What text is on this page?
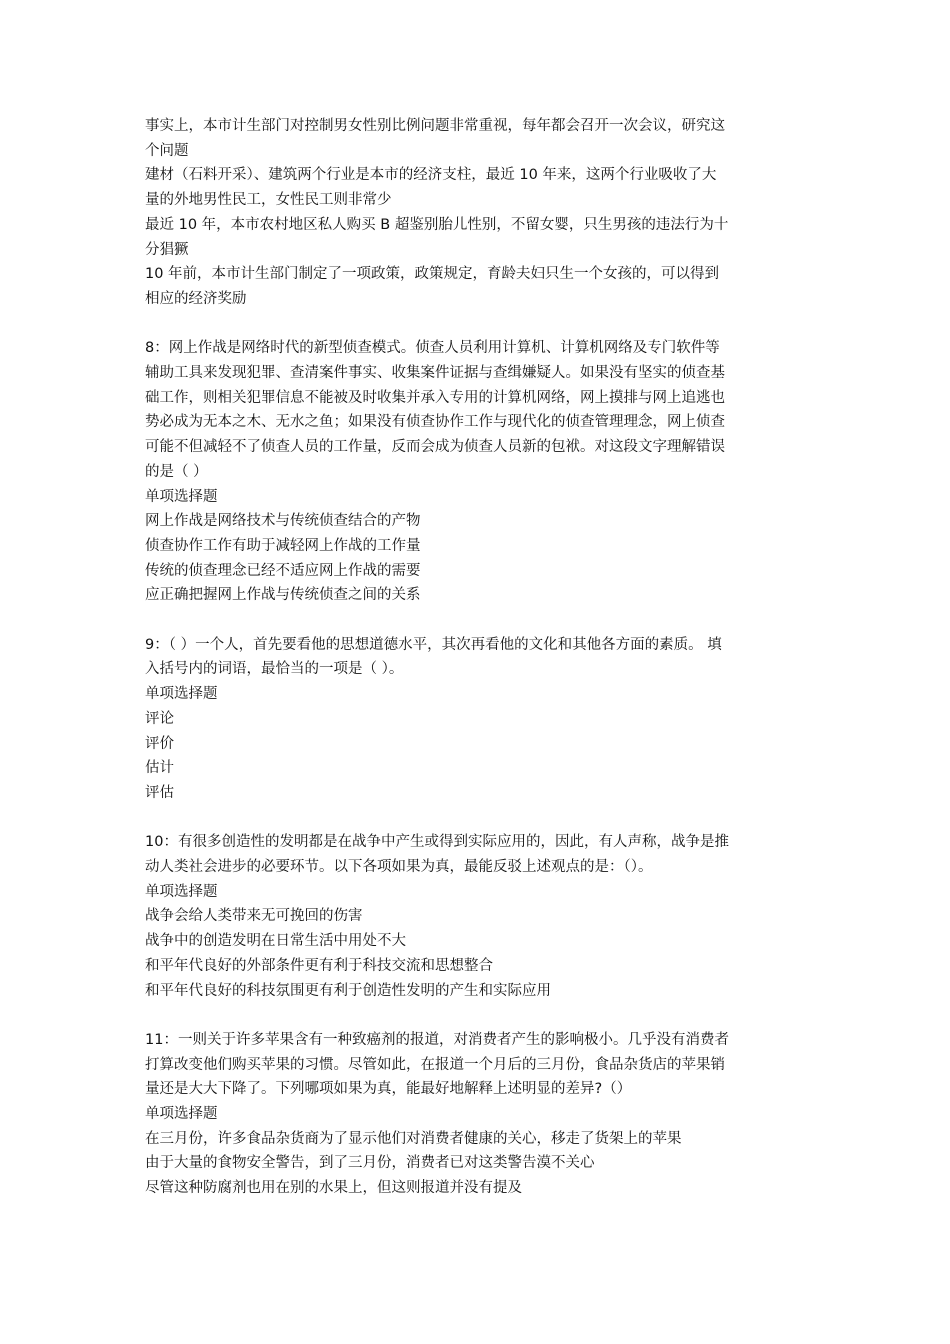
事实上，本市计生部门对控制男女性别比例问题非常重视，每年都会召开一次会议，研究这
个问题
建材（石料开采）、建筑两个行业是本市的经济支柱，最近 10 年来，这两个行业吸收了大
量的外地男性民工，女性民工则非常少
最近 10 年，本市农村地区私人购买 B 超鉴别胎儿性别，不留女婴，只生男孩的违法行为十
分猖獗
10 年前，本市计生部门制定了一项政策，政策规定，育龄夫妇只生一个女孩的，可以得到
相应的经济奖励
8：网上作战是网络时代的新型侦查模式。侦查人员利用计算机、计算机网络及专门软件等
辅助工具来发现犯罪、查清案件事实、收集案件证据与查缉嫌疑人。如果没有坚实的侦查基
础工作，则相关犯罪信息不能被及时收集并承入专用的计算机网络，网上摸排与网上追逃也
势必成为无本之木、无水之鱼；如果没有侦查协作工作与现代化的侦查管理理念，网上侦查
可能不但减轻不了侦查人员的工作量，反而会成为侦查人员新的包袱。对这段文字理解错误
的是（ ）
单项选择题
网上作战是网络技术与传统侦查结合的产物
侦查协作工作有助于减轻网上作战的工作量
传统的侦查理念已经不适应网上作战的需要
应正确把握网上作战与传统侦查之间的关系
9：（ ）一个人，首先要看他的思想道德水平，其次再看他的文化和其他各方面的素质。 填
入括号内的词语，最恰当的一项是（ ）。
单项选择题
评论
评价
估计
评估
10：有很多创造性的发明都是在战争中产生或得到实际应用的，因此，有人声称，战争是推
动人类社会进步的必要环节。以下各项如果为真，最能反驳上述观点的是：（）。
单项选择题
战争会给人类带来无可挽回的伤害
战争中的创造发明在日常生活中用处不大
和平年代良好的外部条件更有利于科技交流和思想整合
和平年代良好的科技氛围更有利于创造性发明的产生和实际应用
11：一则关于许多苹果含有一种致癌剂的报道，对消费者产生的影响极小。几乎没有消费者
打算改变他们购买苹果的习惯。尽管如此，在报道一个月后的三月份，食品杂货店的苹果销
量还是大大下降了。下列哪项如果为真，能最好地解释上述明显的差异?（）
单项选择题
在三月份，许多食品杂货商为了显示他们对消费者健康的关心，移走了货架上的苹果
由于大量的食物安全警告，到了三月份，消费者已对这类警告漠不关心
尽管这种防腐剂也用在别的水果上，但这则报道并没有提及
